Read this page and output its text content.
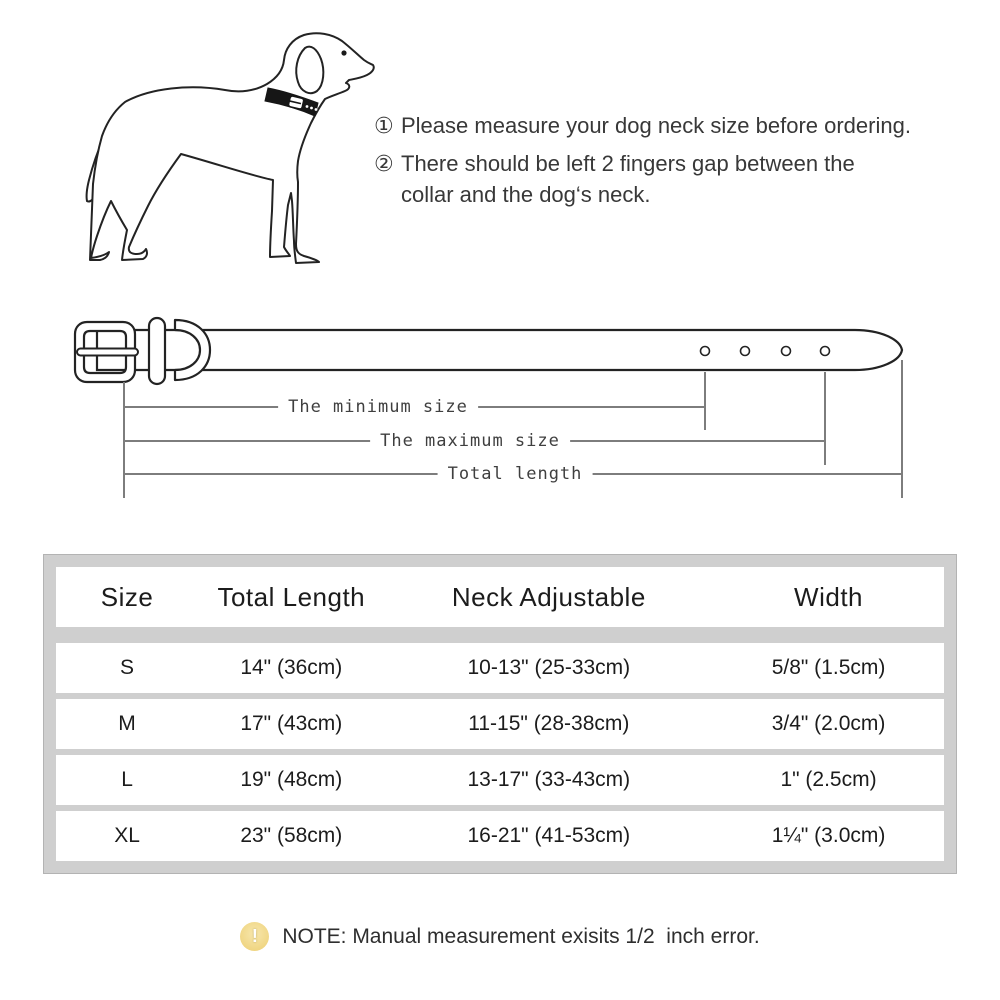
① Please measure your dog neck size before ordering.
② There should be left 2 fingers gap between the
collar and the dog‘s neck.
The minimum size
The maximum size
Total length
Size	Total Length	Neck Adjustable	Width
S	14" (36cm)	10-13" (25-33cm)	5/8" (1.5cm)
M	17" (43cm)	11-15" (28-38cm)	3/4" (2.0cm)
L	19" (48cm)	13-17" (33-43cm)	1" (2.5cm)
XL	23" (58cm)	16-21" (41-53cm)	1¼" (3.0cm)
! NOTE: Manual measurement exisits 1/2  inch error.
